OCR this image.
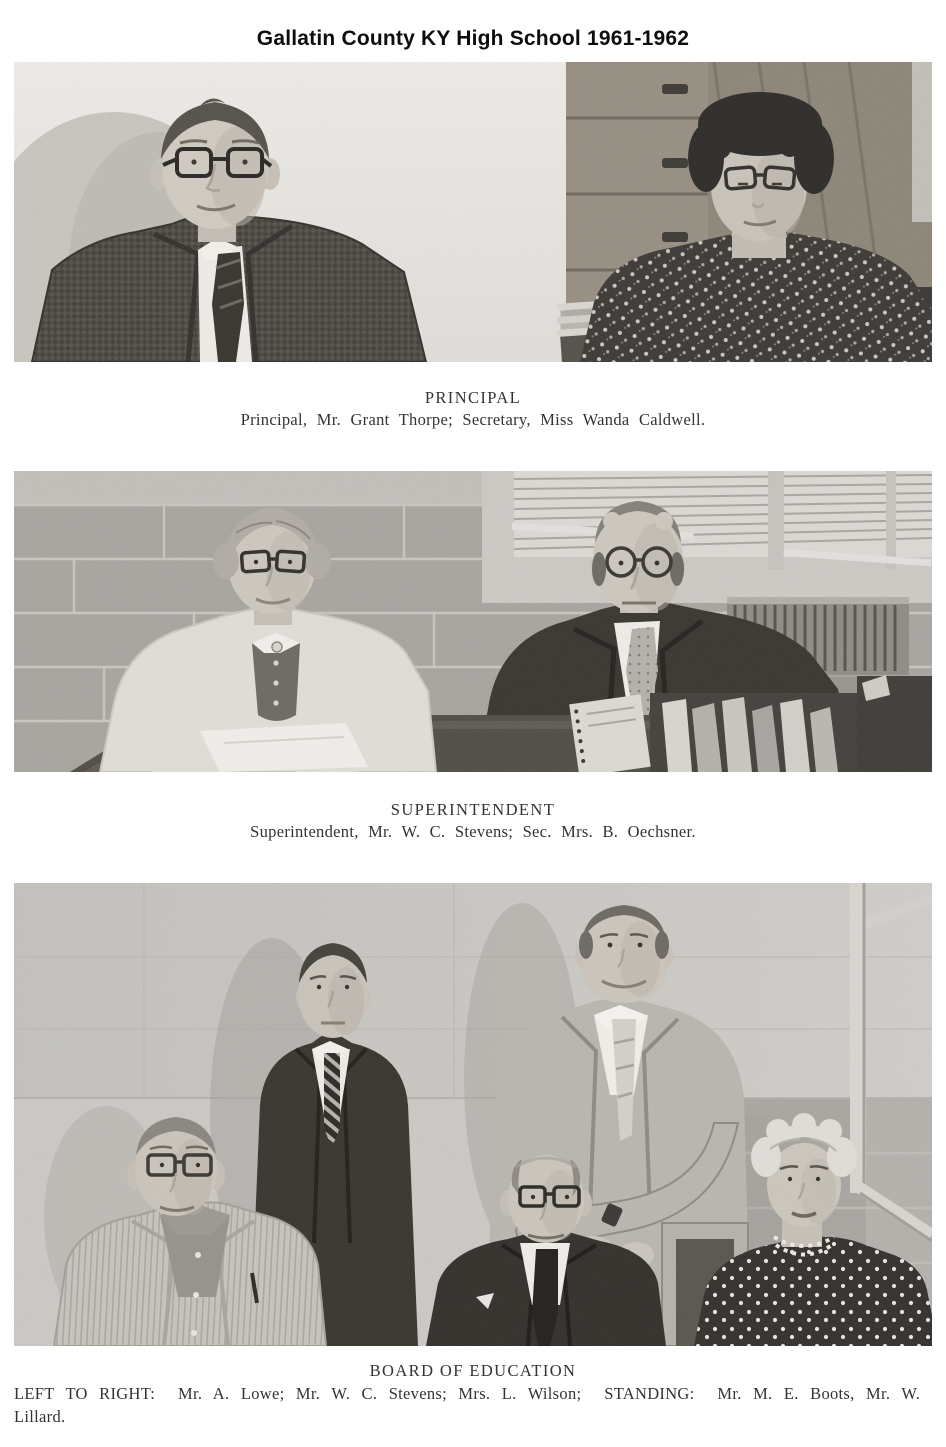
Gallatin County KY High School 1961-1962
PRINCIPAL
Principal, Mr. Grant Thorpe; Secretary, Miss Wanda Caldwell.
SUPERINTENDENT
Superintendent, Mr. W. C. Stevens; Sec. Mrs. B. Oechsner.
BOARD OF EDUCATION
LEFT TO RIGHT:  Mr. A. Lowe; Mr. W. C. Stevens; Mrs. L. Wilson;  STANDING:  Mr. M. E. Boots, Mr. W. Lillard.
